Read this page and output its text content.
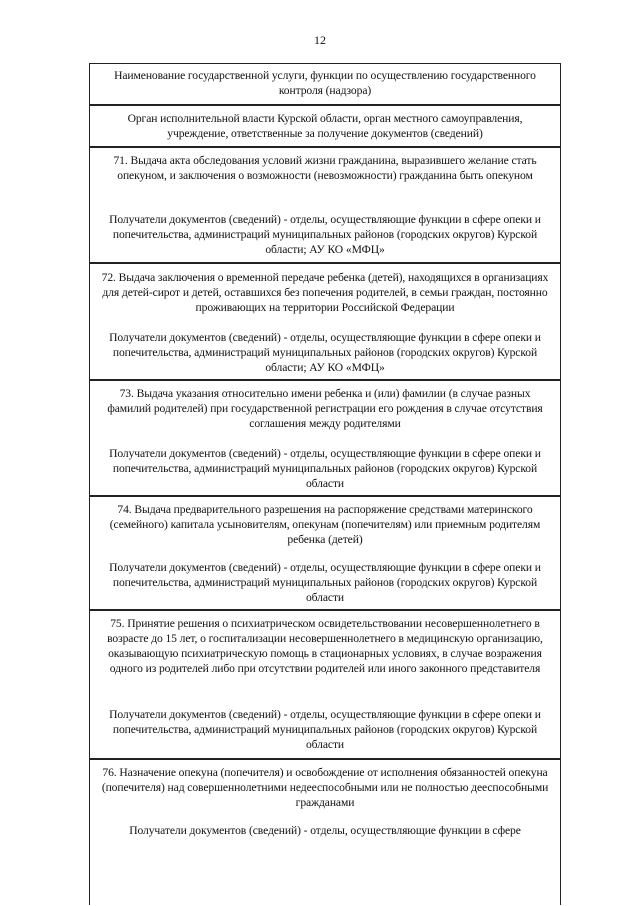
12
Наименование государственной услуги, функции по осуществлению государственного контроля (надзора)
Орган исполнительной власти Курской области, орган местного самоуправления, учреждение, ответственные за получение документов (сведений)
71. Выдача акта обследования условий жизни гражданина, выразившего желание стать опекуном, и заключения о возможности (невозможности) гражданина быть опекуном
Получатели документов (сведений) - отделы, осуществляющие функции в сфере опеки и попечительства, администраций муниципальных районов (городских округов) Курской области; АУ КО «МФЦ»
72. Выдача заключения о временной передаче ребенка (детей), находящихся в организациях для детей-сирот и детей, оставшихся без попечения родителей, в семьи граждан, постоянно проживающих на территории Российской Федерации
Получатели документов (сведений) - отделы, осуществляющие функции в сфере опеки и попечительства, администраций муниципальных районов (городских округов) Курской области; АУ КО «МФЦ»
73. Выдача указания относительно имени ребенка и (или) фамилии (в случае разных фамилий родителей) при государственной регистрации его рождения в случае отсутствия соглашения между родителями
Получатели документов (сведений) - отделы, осуществляющие функции в сфере опеки и попечительства, администраций муниципальных районов (городских округов) Курской области
74. Выдача предварительного разрешения на распоряжение средствами материнского (семейного) капитала усыновителям, опекунам (попечителям) или приемным родителям ребенка (детей)
Получатели документов (сведений) - отделы, осуществляющие функции в сфере опеки и попечительства, администраций муниципальных районов (городских округов) Курской области
75. Принятие решения о психиатрическом освидетельствовании несовершеннолетнего в возрасте до 15 лет, о госпитализации несовершеннолетнего в медицинскую организацию, оказывающую психиатрическую помощь в стационарных условиях, в случае возражения одного из родителей либо при отсутствии родителей или иного законного представителя
Получатели документов (сведений) - отделы, осуществляющие функции в сфере опеки и попечительства, администраций муниципальных районов (городских округов) Курской области
76. Назначение опекуна (попечителя) и освобождение от исполнения обязанностей опекуна (попечителя) над совершеннолетними недееспособными или не полностью дееспособными гражданами
Получатели документов (сведений) - отделы, осуществляющие функции в сфере
